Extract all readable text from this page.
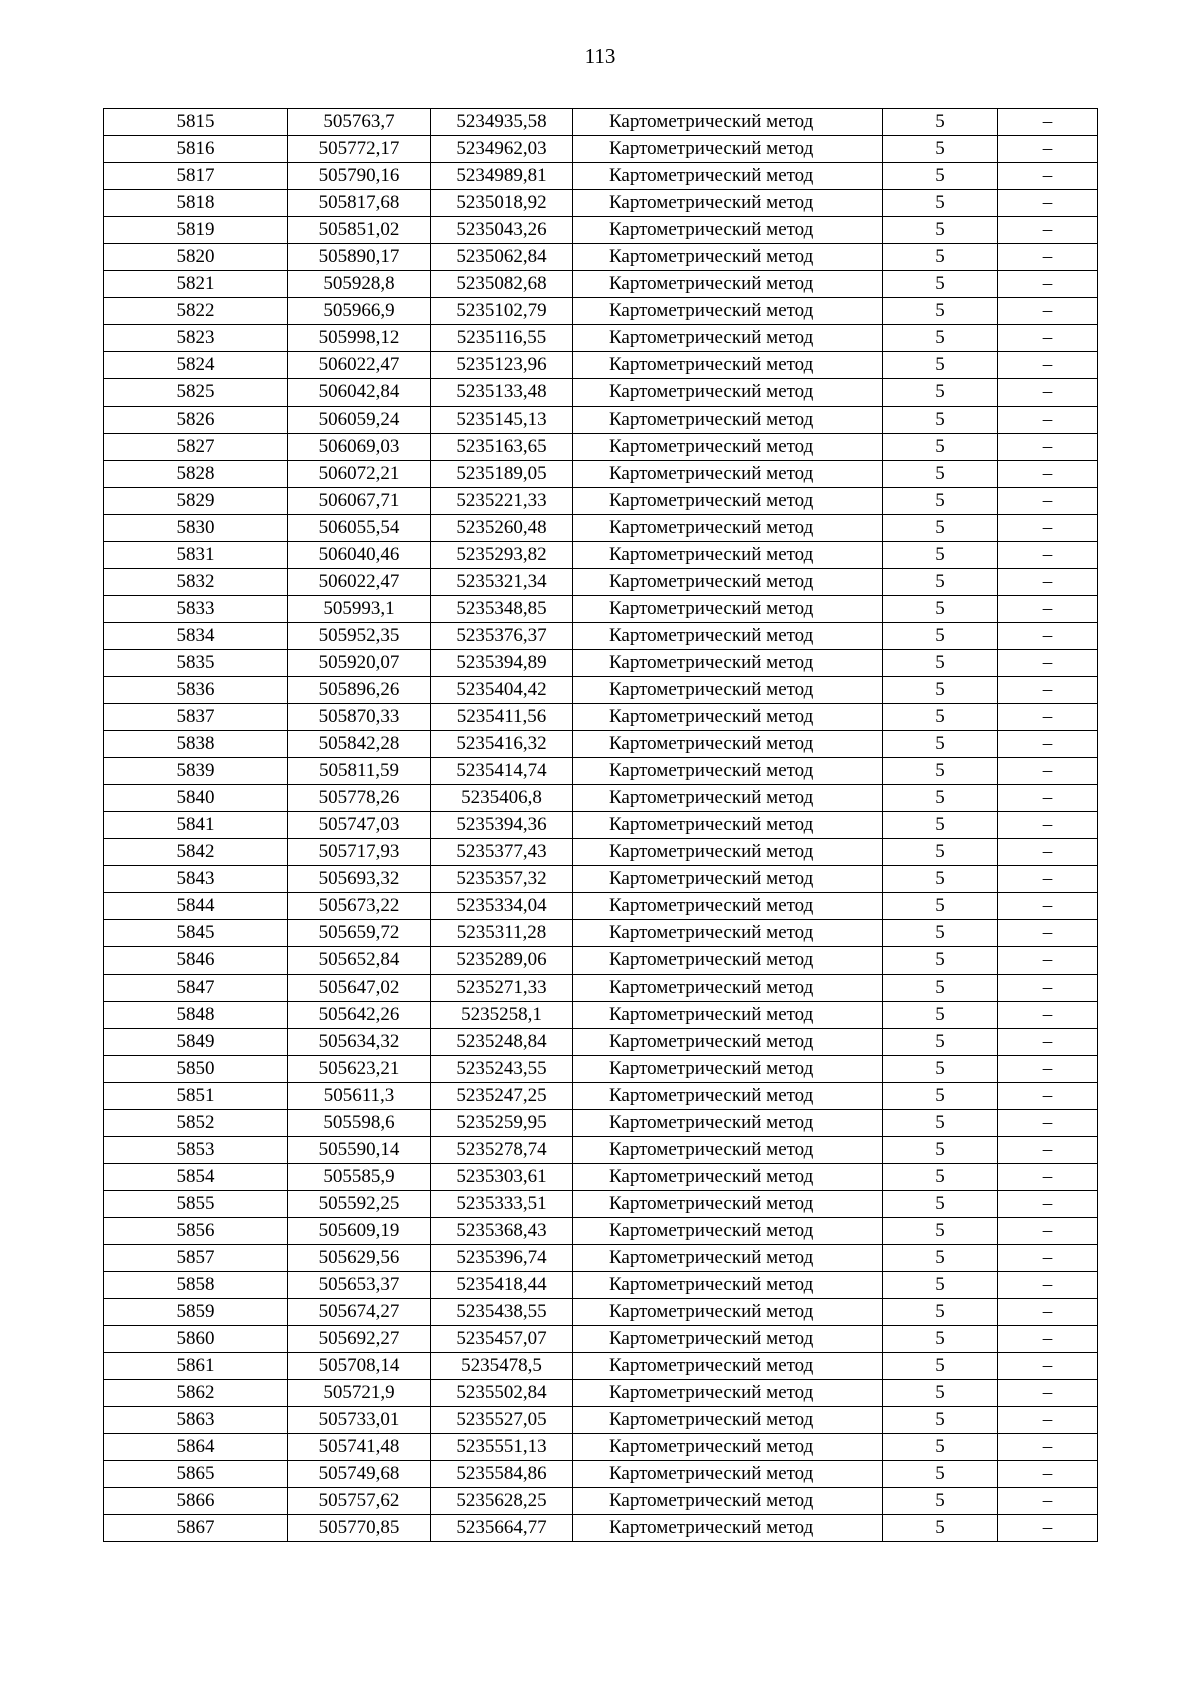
113
5815	505763,7	5234935,58	Картометрический метод	5	–
5816	505772,17	5234962,03	Картометрический метод	5	–
5817	505790,16	5234989,81	Картометрический метод	5	–
5818	505817,68	5235018,92	Картометрический метод	5	–
5819	505851,02	5235043,26	Картометрический метод	5	–
5820	505890,17	5235062,84	Картометрический метод	5	–
5821	505928,8	5235082,68	Картометрический метод	5	–
5822	505966,9	5235102,79	Картометрический метод	5	–
5823	505998,12	5235116,55	Картометрический метод	5	–
5824	506022,47	5235123,96	Картометрический метод	5	–
5825	506042,84	5235133,48	Картометрический метод	5	–
5826	506059,24	5235145,13	Картометрический метод	5	–
5827	506069,03	5235163,65	Картометрический метод	5	–
5828	506072,21	5235189,05	Картометрический метод	5	–
5829	506067,71	5235221,33	Картометрический метод	5	–
5830	506055,54	5235260,48	Картометрический метод	5	–
5831	506040,46	5235293,82	Картометрический метод	5	–
5832	506022,47	5235321,34	Картометрический метод	5	–
5833	505993,1	5235348,85	Картометрический метод	5	–
5834	505952,35	5235376,37	Картометрический метод	5	–
5835	505920,07	5235394,89	Картометрический метод	5	–
5836	505896,26	5235404,42	Картометрический метод	5	–
5837	505870,33	5235411,56	Картометрический метод	5	–
5838	505842,28	5235416,32	Картометрический метод	5	–
5839	505811,59	5235414,74	Картометрический метод	5	–
5840	505778,26	5235406,8	Картометрический метод	5	–
5841	505747,03	5235394,36	Картометрический метод	5	–
5842	505717,93	5235377,43	Картометрический метод	5	–
5843	505693,32	5235357,32	Картометрический метод	5	–
5844	505673,22	5235334,04	Картометрический метод	5	–
5845	505659,72	5235311,28	Картометрический метод	5	–
5846	505652,84	5235289,06	Картометрический метод	5	–
5847	505647,02	5235271,33	Картометрический метод	5	–
5848	505642,26	5235258,1	Картометрический метод	5	–
5849	505634,32	5235248,84	Картометрический метод	5	–
5850	505623,21	5235243,55	Картометрический метод	5	–
5851	505611,3	5235247,25	Картометрический метод	5	–
5852	505598,6	5235259,95	Картометрический метод	5	–
5853	505590,14	5235278,74	Картометрический метод	5	–
5854	505585,9	5235303,61	Картометрический метод	5	–
5855	505592,25	5235333,51	Картометрический метод	5	–
5856	505609,19	5235368,43	Картометрический метод	5	–
5857	505629,56	5235396,74	Картометрический метод	5	–
5858	505653,37	5235418,44	Картометрический метод	5	–
5859	505674,27	5235438,55	Картометрический метод	5	–
5860	505692,27	5235457,07	Картометрический метод	5	–
5861	505708,14	5235478,5	Картометрический метод	5	–
5862	505721,9	5235502,84	Картометрический метод	5	–
5863	505733,01	5235527,05	Картометрический метод	5	–
5864	505741,48	5235551,13	Картометрический метод	5	–
5865	505749,68	5235584,86	Картометрический метод	5	–
5866	505757,62	5235628,25	Картометрический метод	5	–
5867	505770,85	5235664,77	Картометрический метод	5	–
